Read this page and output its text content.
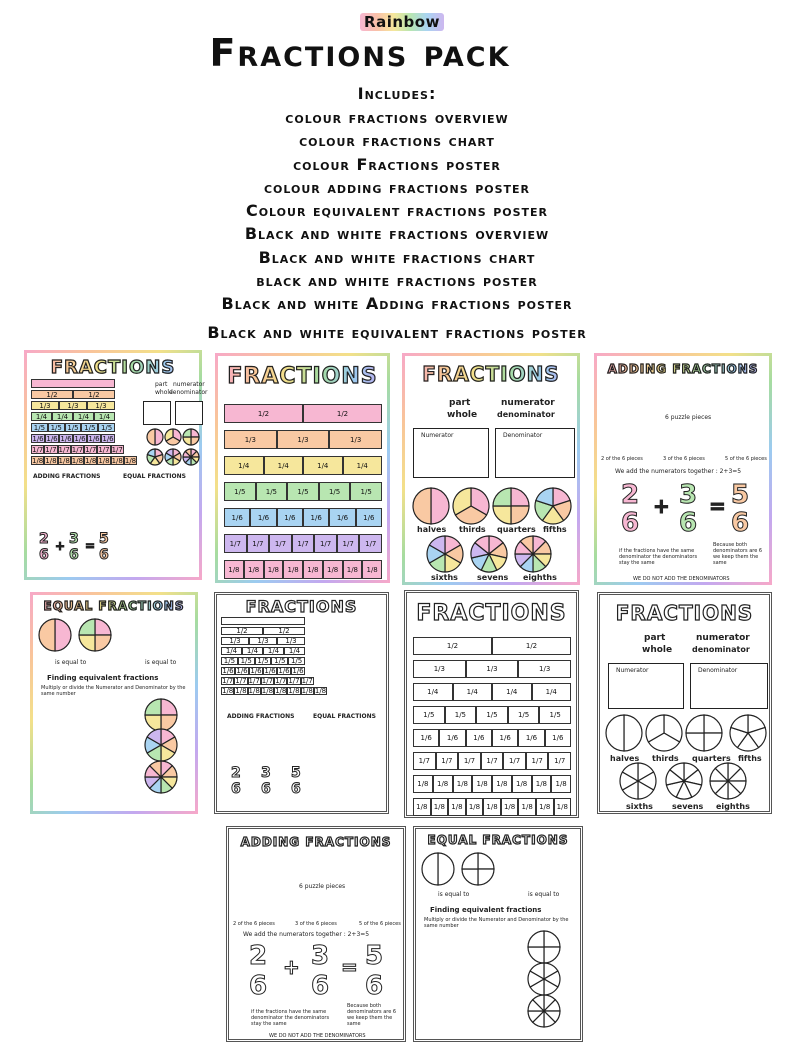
Rainbow
Fractions pack
Includes:
colour fractions overview
colour fractions chart
colour Fractions poster
colour adding fractions poster
Colour equivalent fractions poster
Black and white fractions overview
Black and white fractions chart
black and white fractions poster
Black and white Adding fractions poster
Black and white equivalent fractions poster
FRACTIONS
1/2	1/2
1/3	1/3	1/3
1/4	1/4	1/4	1/4
1/5 1/5 1/5 1/5 1/5
1/6 1/6 1/6 1/6 1/6 1/6
1/7 1/7 1/7 1/7 1/7 1/7 1/7
1/8 1/8 1/8 1/8 1/8 1/8 1/8 1/8
part
whole
numerator
denominator
ADDING FRACTIONS	EQUAL FRACTIONS
2
6
+ 3
6
= 5
6
FRACTIONS
1/2	1/2
1/3	1/3	1/3
1/4	1/4	1/4	1/4
1/5	1/5	1/5	1/5	1/5
1/6	1/6	1/6	1/6	1/6	1/6
1/7	1/7	1/7	1/7	1/7	1/7	1/7
1/8	1/8	1/8	1/8	1/8	1/8	1/8	1/8
FRACTIONS
part
whole
numerator
denominator
Numerator	Denominator
halves thirds quarters fifths
sixths sevens eighths
ADDING FRACTIONS
6 puzzle pieces
2 of the 6 pieces	3 of the 6 pieces	5 of the 6 pieces
We add the numerators together : 2+3=5
2
6
+ 3
6
= 5
6
if the fractions have the same denominator the denominators stay the same
Because both denominators are 6 we keep them the same
WE DO NOT ADD THE DENOMINATORS
EQUAL FRACTIONS
is equal to	is equal to
Finding equivalent fractions
Multiply or divide the Numerator and Denominator by the same number
FRACTIONS
1/2	1/2
1/3	1/3	1/3
1/4	1/4	1/4	1/4
1/5 1/5 1/5 1/5 1/5
1/6 1/6 1/6 1/6 1/6 1/6
1/7 1/7 1/7 1/7 1/7 1/7 1/7
1/8 1/8 1/8 1/8 1/8 1/8 1/8 1/8
ADDING FRACTIONS	EQUAL FRACTIONS
2
6
3
6
5
6
FRACTIONS
1/2	1/2
1/3	1/3	1/3
1/4	1/4	1/4	1/4
1/5	1/5	1/5	1/5	1/5
1/6	1/6	1/6	1/6	1/6	1/6
1/7	1/7	1/7	1/7	1/7	1/7	1/7
1/8	1/8	1/8	1/8	1/8	1/8	1/8	1/8
1/8 1/8 1/8 1/8 1/8 1/8 1/8 1/8 1/8
FRACTIONS
part
whole
numerator
denominator
Numerator	Denominator
halves thirds quarters fifths
sixths sevens eighths
ADDING FRACTIONS
6 puzzle pieces
2 of the 6 pieces	3 of the 6 pieces	5 of the 6 pieces
We add the numerators together : 2+3=5
2
6
+ 3
6
= 5
6
if the fractions have the same denominator the denominators stay the same
Because both denominators are 6 we keep them the same
WE DO NOT ADD THE DENOMINATORS
EQUAL FRACTIONS
is equal to	is equal to
Finding equivalent fractions
Multiply or divide the Numerator and Denominator by the same number
